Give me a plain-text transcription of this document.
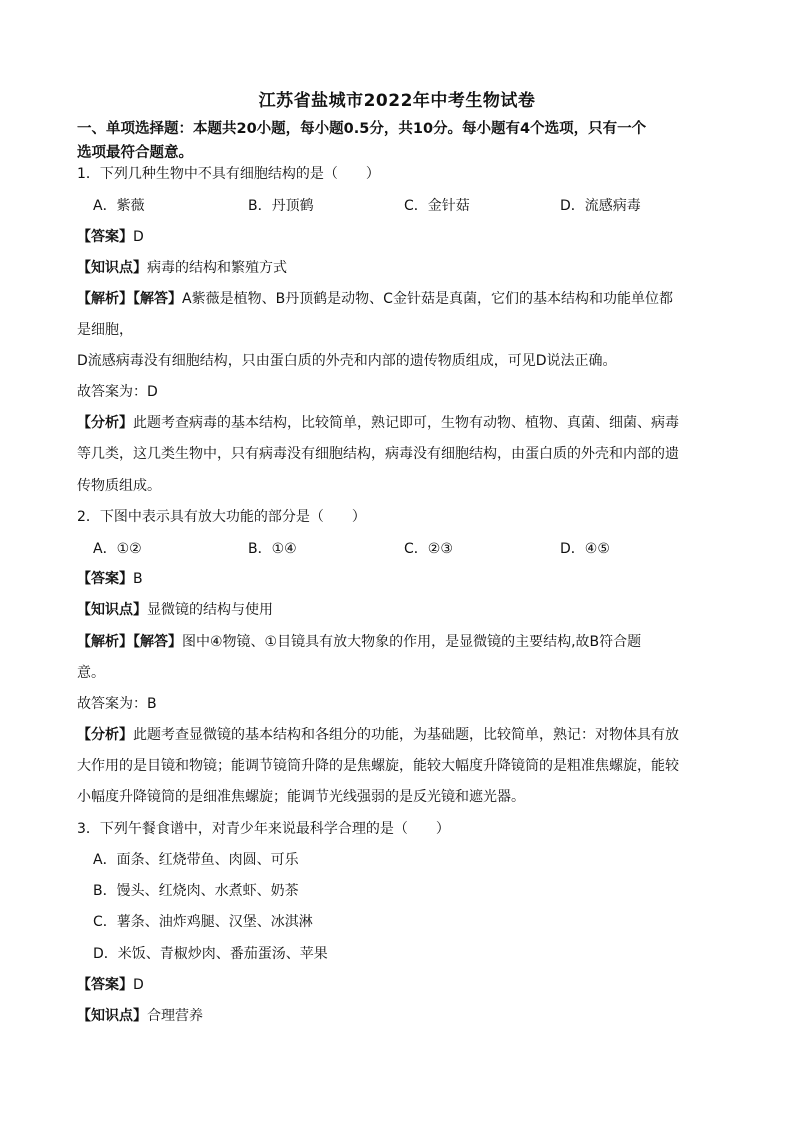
江苏省盐城市2022年中考生物试卷
一、单项选择题：本题共20小题，每小题0.5分，共10分。每小题有4个选项，只有一个
选项最符合题意。
1．下列几种生物中不具有细胞结构的是（　　）
A．紫薇	B．丹顶鹤	C．金针菇	D．流感病毒
【答案】D
【知识点】病毒的结构和繁殖方式
【解析】【解答】A紫薇是植物、B丹顶鹤是动物、C金针菇是真菌，它们的基本结构和功能单位都
是细胞，
D流感病毒没有细胞结构，只由蛋白质的外壳和内部的遗传物质组成，可见D说法正确。
故答案为：D
【分析】此题考查病毒的基本结构，比较简单，熟记即可，生物有动物、植物、真菌、细菌、病毒
等几类，这几类生物中，只有病毒没有细胞结构，病毒没有细胞结构，由蛋白质的外壳和内部的遗
传物质组成。
2．下图中表示具有放大功能的部分是（　　）
A．①②	B．①④	C．②③	D．④⑤
【答案】B
【知识点】显微镜的结构与使用
【解析】【解答】图中④物镜、①目镜具有放大物象的作用，是显微镜的主要结构,故B符合题
意。
故答案为：B
【分析】此题考查显微镜的基本结构和各组分的功能，为基础题，比较简单，熟记：对物体具有放
大作用的是目镜和物镜；能调节镜筒升降的是焦螺旋，能较大幅度升降镜筒的是粗准焦螺旋，能较
小幅度升降镜筒的是细准焦螺旋；能调节光线强弱的是反光镜和遮光器。
3．下列午餐食谱中，对青少年来说最科学合理的是（　　）
A．面条、红烧带鱼、肉圆、可乐
B．馒头、红烧肉、水煮虾、奶茶
C．薯条、油炸鸡腿、汉堡、冰淇淋
D．米饭、青椒炒肉、番茄蛋汤、苹果
【答案】D
【知识点】合理营养
